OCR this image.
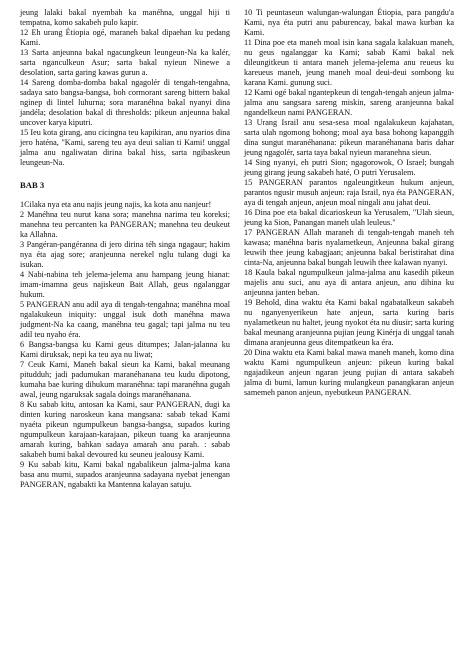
jeung lalaki bakal nyembah ka manéhna, unggal hiji ti tempatna, komo sakabeh pulo kapir.

12 Eh urang Étiopia ogé, maraneh bakal dipaehan ku pedang Kami.

13 Sarta anjeunna bakal ngacungkeun leungeun-Na ka kalér, sarta nganculkeun Asur; sarta bakal nyieun Ninewe a desolation, sarta garing kawas gurun a.

14 Sareng domba-domba bakal ngagolér di tengah-tengahna, sadaya sato bangsa-bangsa, boh cormorant sareng bittern bakal nginep di lintel luhurna; sora maranéhna bakal nyanyi dina jandéla; desolation bakal di thresholds: pikeun anjeunna bakal uncover karya kiputri.

15 Ieu kota girang, anu cicingna teu kapikiran, anu nyarios dina jero haténa, "Kami, sareng teu aya deui salian ti Kami! unggal jalma anu ngaliwatan dirina bakal hiss, sarta ngibaskeun leungeun-Na.

BAB 3

1Cilaka nya eta anu najis jeung najis, ka kota anu nanjeur!

2 Manéhna teu nurut kana sora; manehna narima teu koreksi; manehna teu percanten ka PANGERAN; manehna teu deukeut ka Allahna.

3 Pangéran-pangéranna di jero dirina téh singa ngagaur; hakim nya éta ajag sore; aranjeunna nerekel nglu tulang dugi ka isukan.

4 Nabi-nabina teh jelema-jelema anu hampang jeung hianat: imam-imamna geus najiskeun Bait Allah, geus ngalanggar hukum.

5 PANGERAN anu adil aya di tengah-tengahna; manéhna moal ngalakukeun iniquity: unggal isuk doth manéhna mawa judgment-Na ka caang, manéhna teu gagal; tapi jalma nu teu adil teu nyaho éra.

6 Bangsa-bangsa ku Kami geus ditumpes; Jalan-jalanna ku Kami diruksak, nepi ka teu aya nu liwat;

7 Ceuk Kami, Maneh bakal sieun ka Kami, bakal meunang pitudduh; jadi padumukan maranéhanana teu kudu dipotong, kumaha bae kuring dihukum maranéhna: tapi maranéhna gugah awal, jeung ngaruksak sagala doings maranéhanana.

8 Ku sabab kitu, antosan ka Kami, saur PANGERAN, dugi ka dinten kuring naroskeun kana mangsana: sabab tekad Kami nyaéta pikeun ngumpulkeun bangsa-bangsa, supados kuring ngumpulkeun karajaan-karajaan, pikeun tuang ka aranjeunna amarah kuring, bahkan sadaya amarah anu parah. : sabab sakabeh bumi bakal devoured ku seuneu jealousy Kami.

9 Ku sabab kitu, Kami bakal ngabalikeun jalma-jalma kana basa anu murni, supados aranjeunna sadayana nyebat jenengan PANGERAN, ngabakti ka Mantenna kalayan satuju.

10 Ti peuntaseun walungan-walungan Étiopia, para pangdu'a Kami, nya éta putri anu paburencay, bakal mawa kurban ka Kami.

11 Dina poe eta maneh moal isin kana sagala kalakuan maneh, nu geus ngalanggar ka Kami; sabab Kami bakal nek dileungitkeun ti antara maneh jelema-jelema anu reueus ku kareueus maneh, jeung maneh moal deui-deui sombong ku karana Kami. gunung suci.

12 Kami ogé bakal ngantepkeun di tengah-tengah anjeun jalma-jalma anu sangsara sareng miskin, sareng aranjeunna bakal ngandelkeun nami PANGERAN.

13 Urang Israil anu sesa-sesa moal ngalakukeun kajahatan, sarta ulah ngomong bohong; moal aya basa bohong kapanggih dina sungut maranéhanana: pikeun maranéhanana baris dahar jeung ngagolér, sarta taya bakal nyieun maranehna sieun.

14 Sing nyanyi, eh putri Sion; ngagorowok, O Israel; bungah jeung girang jeung sakabeh haté, O putri Yerusalem.

15 PANGERAN parantos ngaleungitkeun hukum anjeun, parantos ngusir musuh anjeun: raja Israil, nya éta PANGERAN, aya di tengah anjeun, anjeun moal ningali anu jahat deui.

16 Dina poe eta bakal dicarioskeun ka Yerusalem, "Ulah sieun, jeung ka Sion, Panangan maneh ulah leuleus."

17 PANGERAN Allah maraneh di tengah-tengah maneh teh kawasa; manéhna baris nyalametkeun, Anjeunna bakal girang leuwih thee jeung kabagjaan; anjeunna bakal beristirahat dina cinta-Na, anjeunna bakal bungah leuwih thee kalawan nyanyi.

18 Kaula bakal ngumpulkeun jalma-jalma anu kasedih pikeun majelis anu suci, anu aya di antara anjeun, anu dihina ku anjeunna janten beban.

19 Behold, dina waktu éta Kami bakal ngabatalkeun sakabeh nu nganyenyerikeun hate anjeun, sarta kuring baris nyalametkeun nu haltet, jeung nyokot éta nu diusir; sarta kuring bakal meunang aranjeunna pujian jeung Kinérja di unggal tanah dimana aranjeunna geus ditempatkeun ka éra.

20 Dina waktu eta Kami bakal mawa maneh maneh, komo dina waktu Kami ngumpulkeun anjeun: pikeun kuring bakal ngajadikeun anjeun ngaran jeung pujian di antara sakabeh jalma di bumi, lamun kuring mulangkeun panangkaran anjeun samemeh panon anjeun, nyebutkeun PANGERAN.
